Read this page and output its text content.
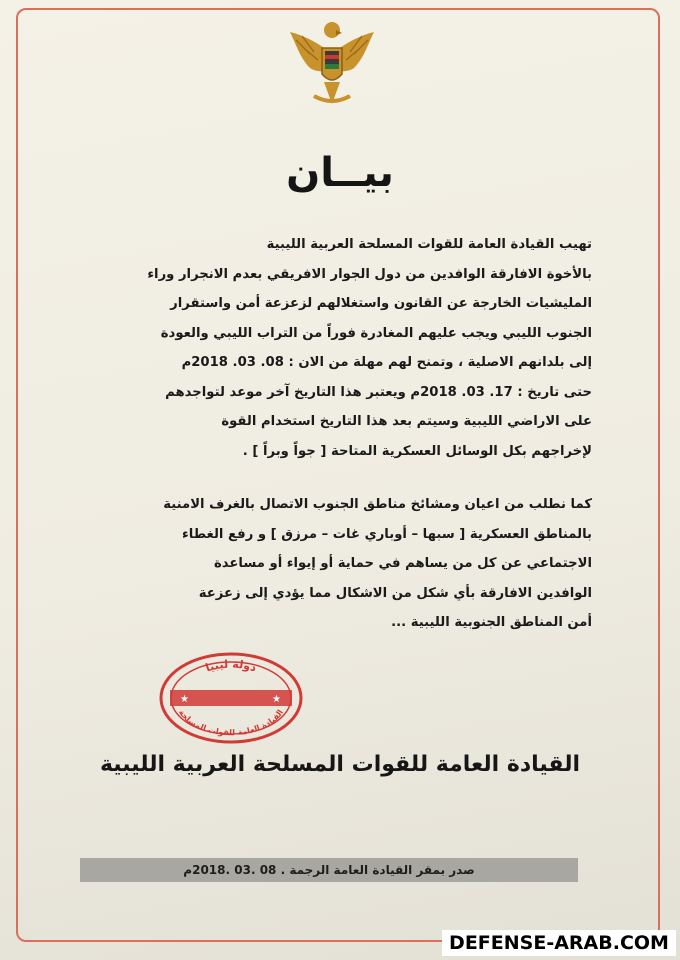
بيــان

تهيب القيادة العامة للقوات المسلحة العربية الليبية

بالأخوة الافارقة الوافدين من دول الجوار الافريقي بعدم الانجرار وراء

المليشيات الخارجة عن القانون واستغلالهم لزعزعة أمن واستقرار

الجنوب الليبي ويجب عليهم المغادرة فوراً من التراب الليبي والعودة

إلى بلدانهم الاصلية ، وتمنح لهم مهلة من الان : 08. 03. 2018م

حتى تاريخ : 17. 03. 2018م ويعتبر هذا التاريخ آخر موعد لتواجدهم

على الاراضي الليبية وسيتم بعد هذا التاريخ استخدام القوة

لإخراجهم بكل الوسائل العسكرية المتاحة [ جواً وبراً ] .

كما نطلب من اعيان ومشائخ مناطق الجنوب الاتصال بالغرف الامنية

بالمناطق العسكرية [ سبها – أوباري غات – مرزق ] و رفع الغطاء

الاجتماعي عن كل من يساهم في حماية أو إيواء أو مساعدة

الوافدين الافارقة بأي شكل من الاشكال مما يؤدي إلى زعزعة

أمن المناطق الجنوبية الليبية ...

دولة ليبيا
القيادة العامة للقوات المسلحة
★	★
القيادة العامة للقوات المسلحة العربية الليبية
صدر بمقر القيادة العامة الرجمة . 08 .03 .2018م
DEFENSE-ARAB.COM
